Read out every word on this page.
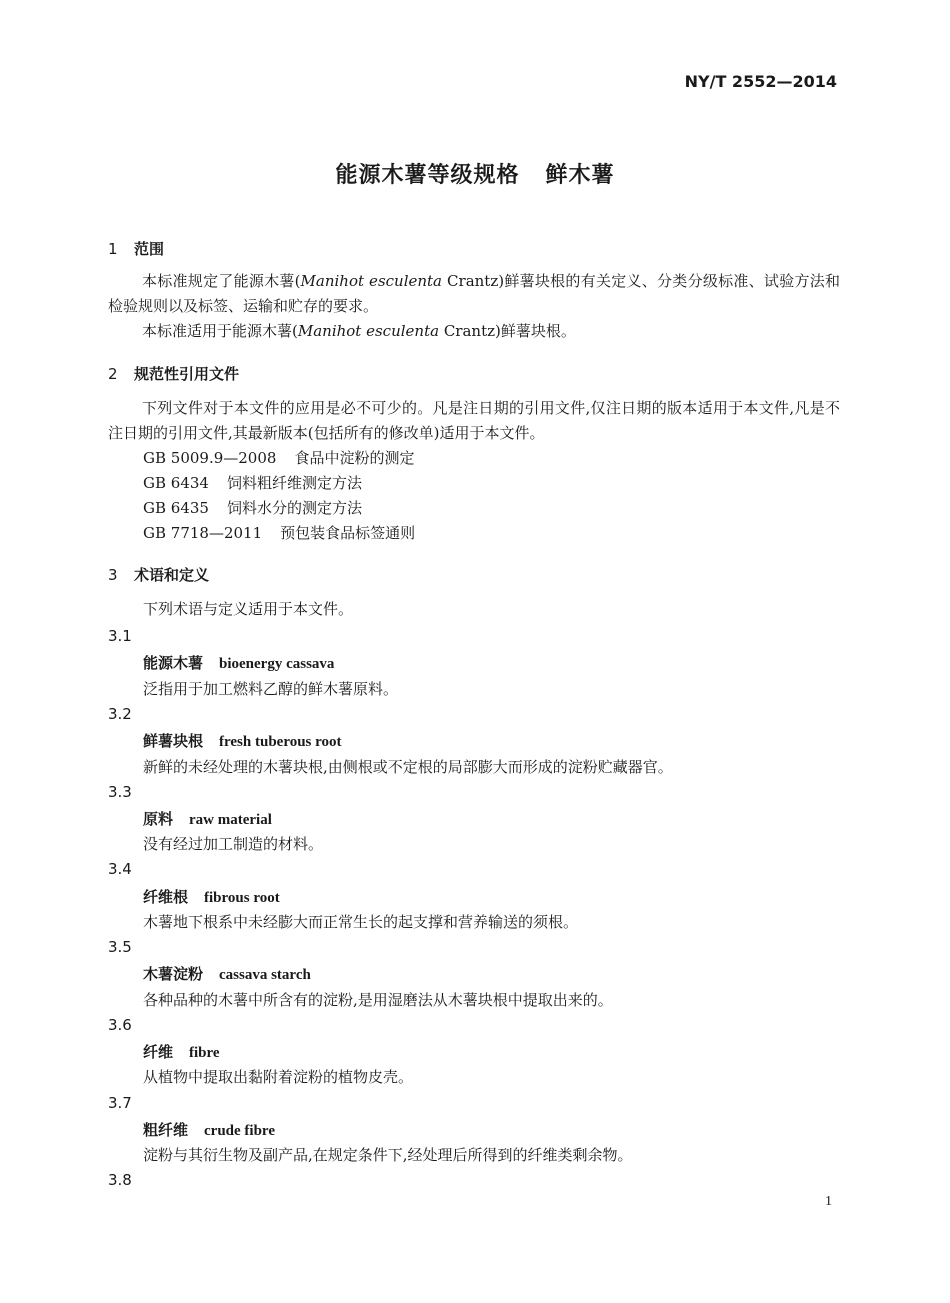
NY/T 2552—2014
能源木薯等级规格 鲜木薯
1 范围
本标准规定了能源木薯(Manihot esculenta Crantz)鲜薯块根的有关定义、分类分级标准、试验方法和检验规则以及标签、运输和贮存的要求。
本标准适用于能源木薯(Manihot esculenta Crantz)鲜薯块根。
2 规范性引用文件
下列文件对于本文件的应用是必不可少的。凡是注日期的引用文件,仅注日期的版本适用于本文件,凡是不注日期的引用文件,其最新版本(包括所有的修改单)适用于本文件。
GB 5009.9—2008 食品中淀粉的测定
GB 6434 饲料粗纤维测定方法
GB 6435 饲料水分的测定方法
GB 7718—2011 预包装食品标签通则
3 术语和定义
下列术语与定义适用于本文件。
3.1
能源木薯 bioenergy cassava
泛指用于加工燃料乙醇的鲜木薯原料。
3.2
鲜薯块根 fresh tuberous root
新鲜的未经处理的木薯块根,由侧根或不定根的局部膨大而形成的淀粉贮藏器官。
3.3
原料 raw material
没有经过加工制造的材料。
3.4
纤维根 fibrous root
木薯地下根系中未经膨大而正常生长的起支撑和营养输送的须根。
3.5
木薯淀粉 cassava starch
各种品种的木薯中所含有的淀粉,是用湿磨法从木薯块根中提取出来的。
3.6
纤维 fibre
从植物中提取出黏附着淀粉的植物皮壳。
3.7
粗纤维 crude fibre
淀粉与其衍生物及副产品,在规定条件下,经处理后所得到的纤维类剩余物。
3.8
1
